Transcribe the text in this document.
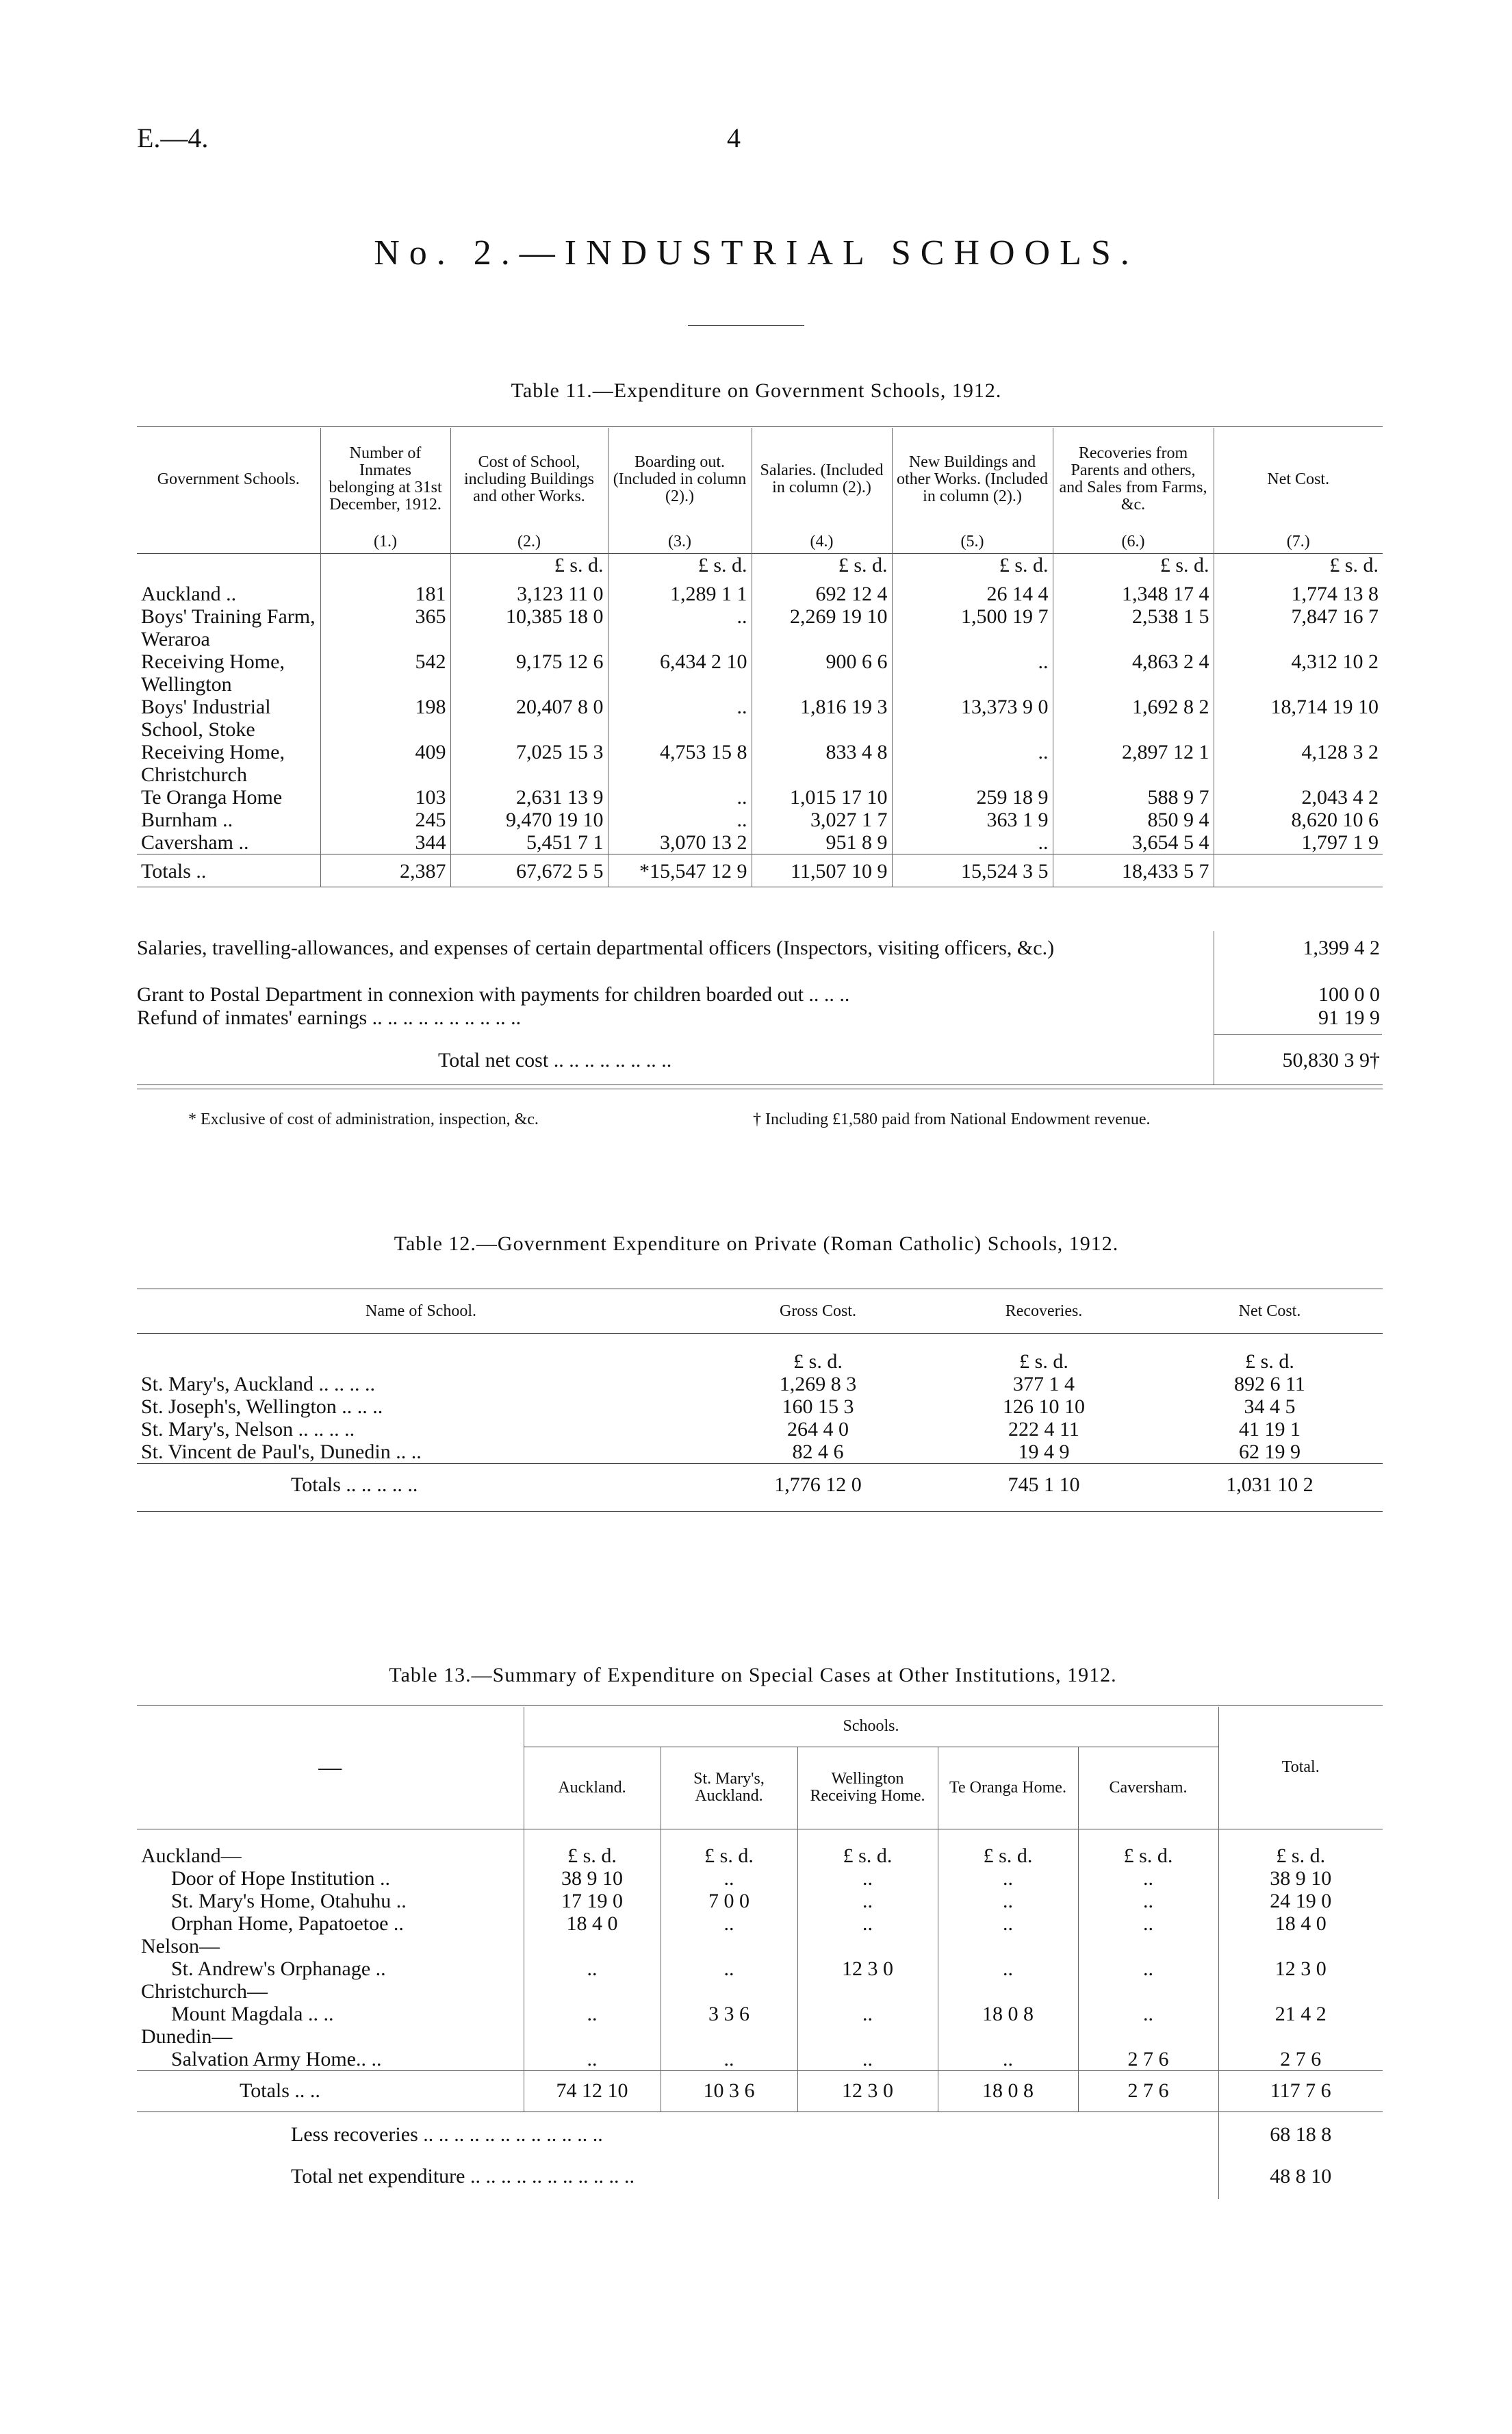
E.—4.	4
No. 2.—INDUSTRIAL SCHOOLS.
Table 11.—Expenditure on Government Schools, 1912.
Government Schools.	Number of Inmates belonging at 31st December, 1912.	Cost of School, including Buildings and other Works.	Boarding out. (Included in column (2).)	Salaries. (Included in column (2).)	New Buildings and other Works. (Included in column (2).)	Recoveries from Parents and others, and Sales from Farms, &c.	Net Cost.
	(1.)	(2.)	(3.)	(4.)	(5.)	(6.)	(7.)
		£ s. d.	£ s. d.	£ s. d.	£ s. d.	£ s. d.	£ s. d.
Auckland ..	181	3,123 11 0	1,289 1 1	692 12 4	26 14 4	1,348 17 4	1,774 13 8
Boys' Training Farm, Weraroa	365	10,385 18 0	..	2,269 19 10	1,500 19 7	2,538 1 5	7,847 16 7
Receiving Home, Wellington	542	9,175 12 6	6,434 2 10	900 6 6	..	4,863 2 4	4,312 10 2
Boys' Industrial School, Stoke	198	20,407 8 0	..	1,816 19 3	13,373 9 0	1,692 8 2	18,714 19 10
Receiving Home, Christchurch	409	7,025 15 3	4,753 15 8	833 4 8	..	2,897 12 1	4,128 3 2
Te Oranga Home	103	2,631 13 9	..	1,015 17 10	259 18 9	588 9 7	2,043 4 2
Burnham ..	245	9,470 19 10	..	3,027 1 7	363 1 9	850 9 4	8,620 10 6
Caversham ..	344	5,451 7 1	3,070 13 2	951 8 9	..	3,654 5 4	1,797 1 9
Totals ..	2,387	67,672 5 5	*15,547 12 9	11,507 10 9	15,524 3 5	18,433 5 7	
Salaries, travelling-allowances, and expenses of certain departmental officers (Inspectors, visiting officers, &c.)	1,399 4 2
Grant to Postal Department in connexion with payments for children boarded out .. .. ..	100 0 0
Refund of inmates' earnings .. .. .. .. .. .. .. .. .. ..	91 19 9
Total net cost .. .. .. .. .. .. .. ..	50,830 3 9†
* Exclusive of cost of administration, inspection, &c.	† Including £1,580 paid from National Endowment revenue.
Table 12.—Government Expenditure on Private (Roman Catholic) Schools, 1912.
Name of School.	Gross Cost.	Recoveries.	Net Cost.
	£ s. d.	£ s. d.	£ s. d.
St. Mary's, Auckland .. .. .. ..	1,269 8 3	377 1 4	892 6 11
St. Joseph's, Wellington .. .. ..	160 15 3	126 10 10	34 4 5
St. Mary's, Nelson .. .. .. ..	264 4 0	222 4 11	41 19 1
St. Vincent de Paul's, Dunedin .. ..	82 4 6	19 4 9	62 19 9
Totals .. .. .. .. ..	1,776 12 0	745 1 10	1,031 10 2
Table 13.—Summary of Expenditure on Special Cases at Other Institutions, 1912.
—	Schools.					Total.
	Auckland.	St. Mary's, Auckland.	Wellington Receiving Home.	Te Oranga Home.	Caversham.	
Auckland—	£ s. d.	£ s. d.	£ s. d.	£ s. d.	£ s. d.	£ s. d.
Door of Hope Institution ..	38 9 10	..	..	..	..	38 9 10
St. Mary's Home, Otahuhu ..	17 19 0	7 0 0	..	..	..	24 19 0
Orphan Home, Papatoetoe ..	18 4 0	..	..	..	..	18 4 0
Nelson—						
St. Andrew's Orphanage ..	..	..	12 3 0	..	..	12 3 0
Christchurch—						
Mount Magdala .. ..	..	3 3 6	..	18 0 8	..	21 4 2
Dunedin—						
Salvation Army Home.. ..	..	..	..	..	2 7 6	2 7 6
Totals .. ..	74 12 10	10 3 6	12 3 0	18 0 8	2 7 6	117 7 6
Less recoveries .. .. .. .. .. .. .. .. .. .. .. ..						68 18 8
Total net expenditure .. .. .. .. .. .. .. .. .. .. ..						48 8 10
